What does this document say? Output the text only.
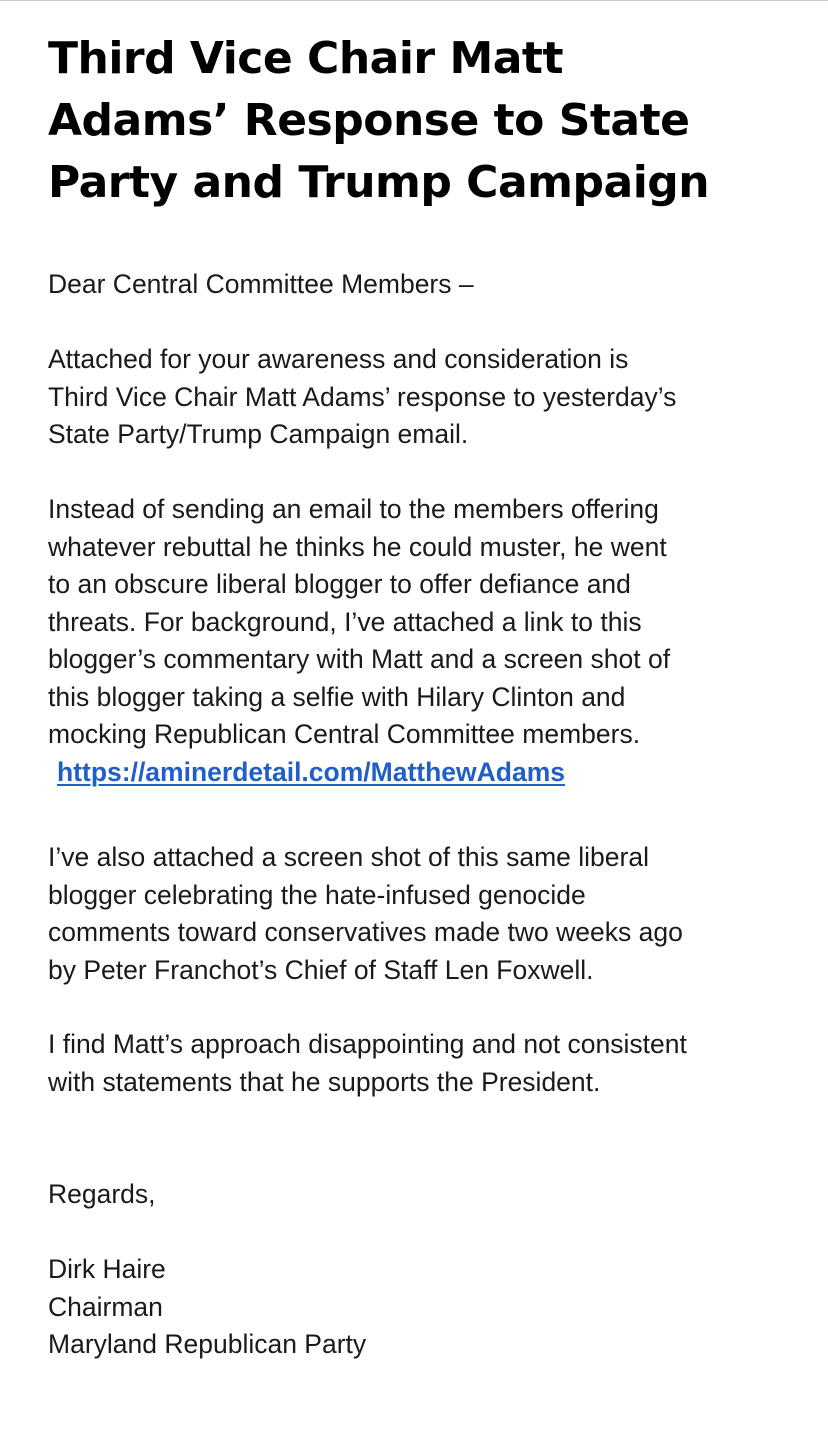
Third Vice Chair Matt
Adams’ Response to State
Party and Trump Campaign

Dear Central Committee Members –

Attached for your awareness and consideration is
Third Vice Chair Matt Adams’ response to yesterday’s
State Party/Trump Campaign email.

Instead of sending an email to the members offering
whatever rebuttal he thinks he could muster, he went
to an obscure liberal blogger to offer defiance and
threats. For background, I’ve attached a link to this
blogger’s commentary with Matt and a screen shot of
this blogger taking a selfie with Hilary Clinton and
mocking Republican Central Committee members.
https://aminerdetail.com/MatthewAdams

I’ve also attached a screen shot of this same liberal
blogger celebrating the hate-infused genocide
comments toward conservatives made two weeks ago
by Peter Franchot’s Chief of Staff Len Foxwell.

I find Matt’s approach disappointing and not consistent
with statements that he supports the President.

Regards,

Dirk Haire
Chairman
Maryland Republican Party
